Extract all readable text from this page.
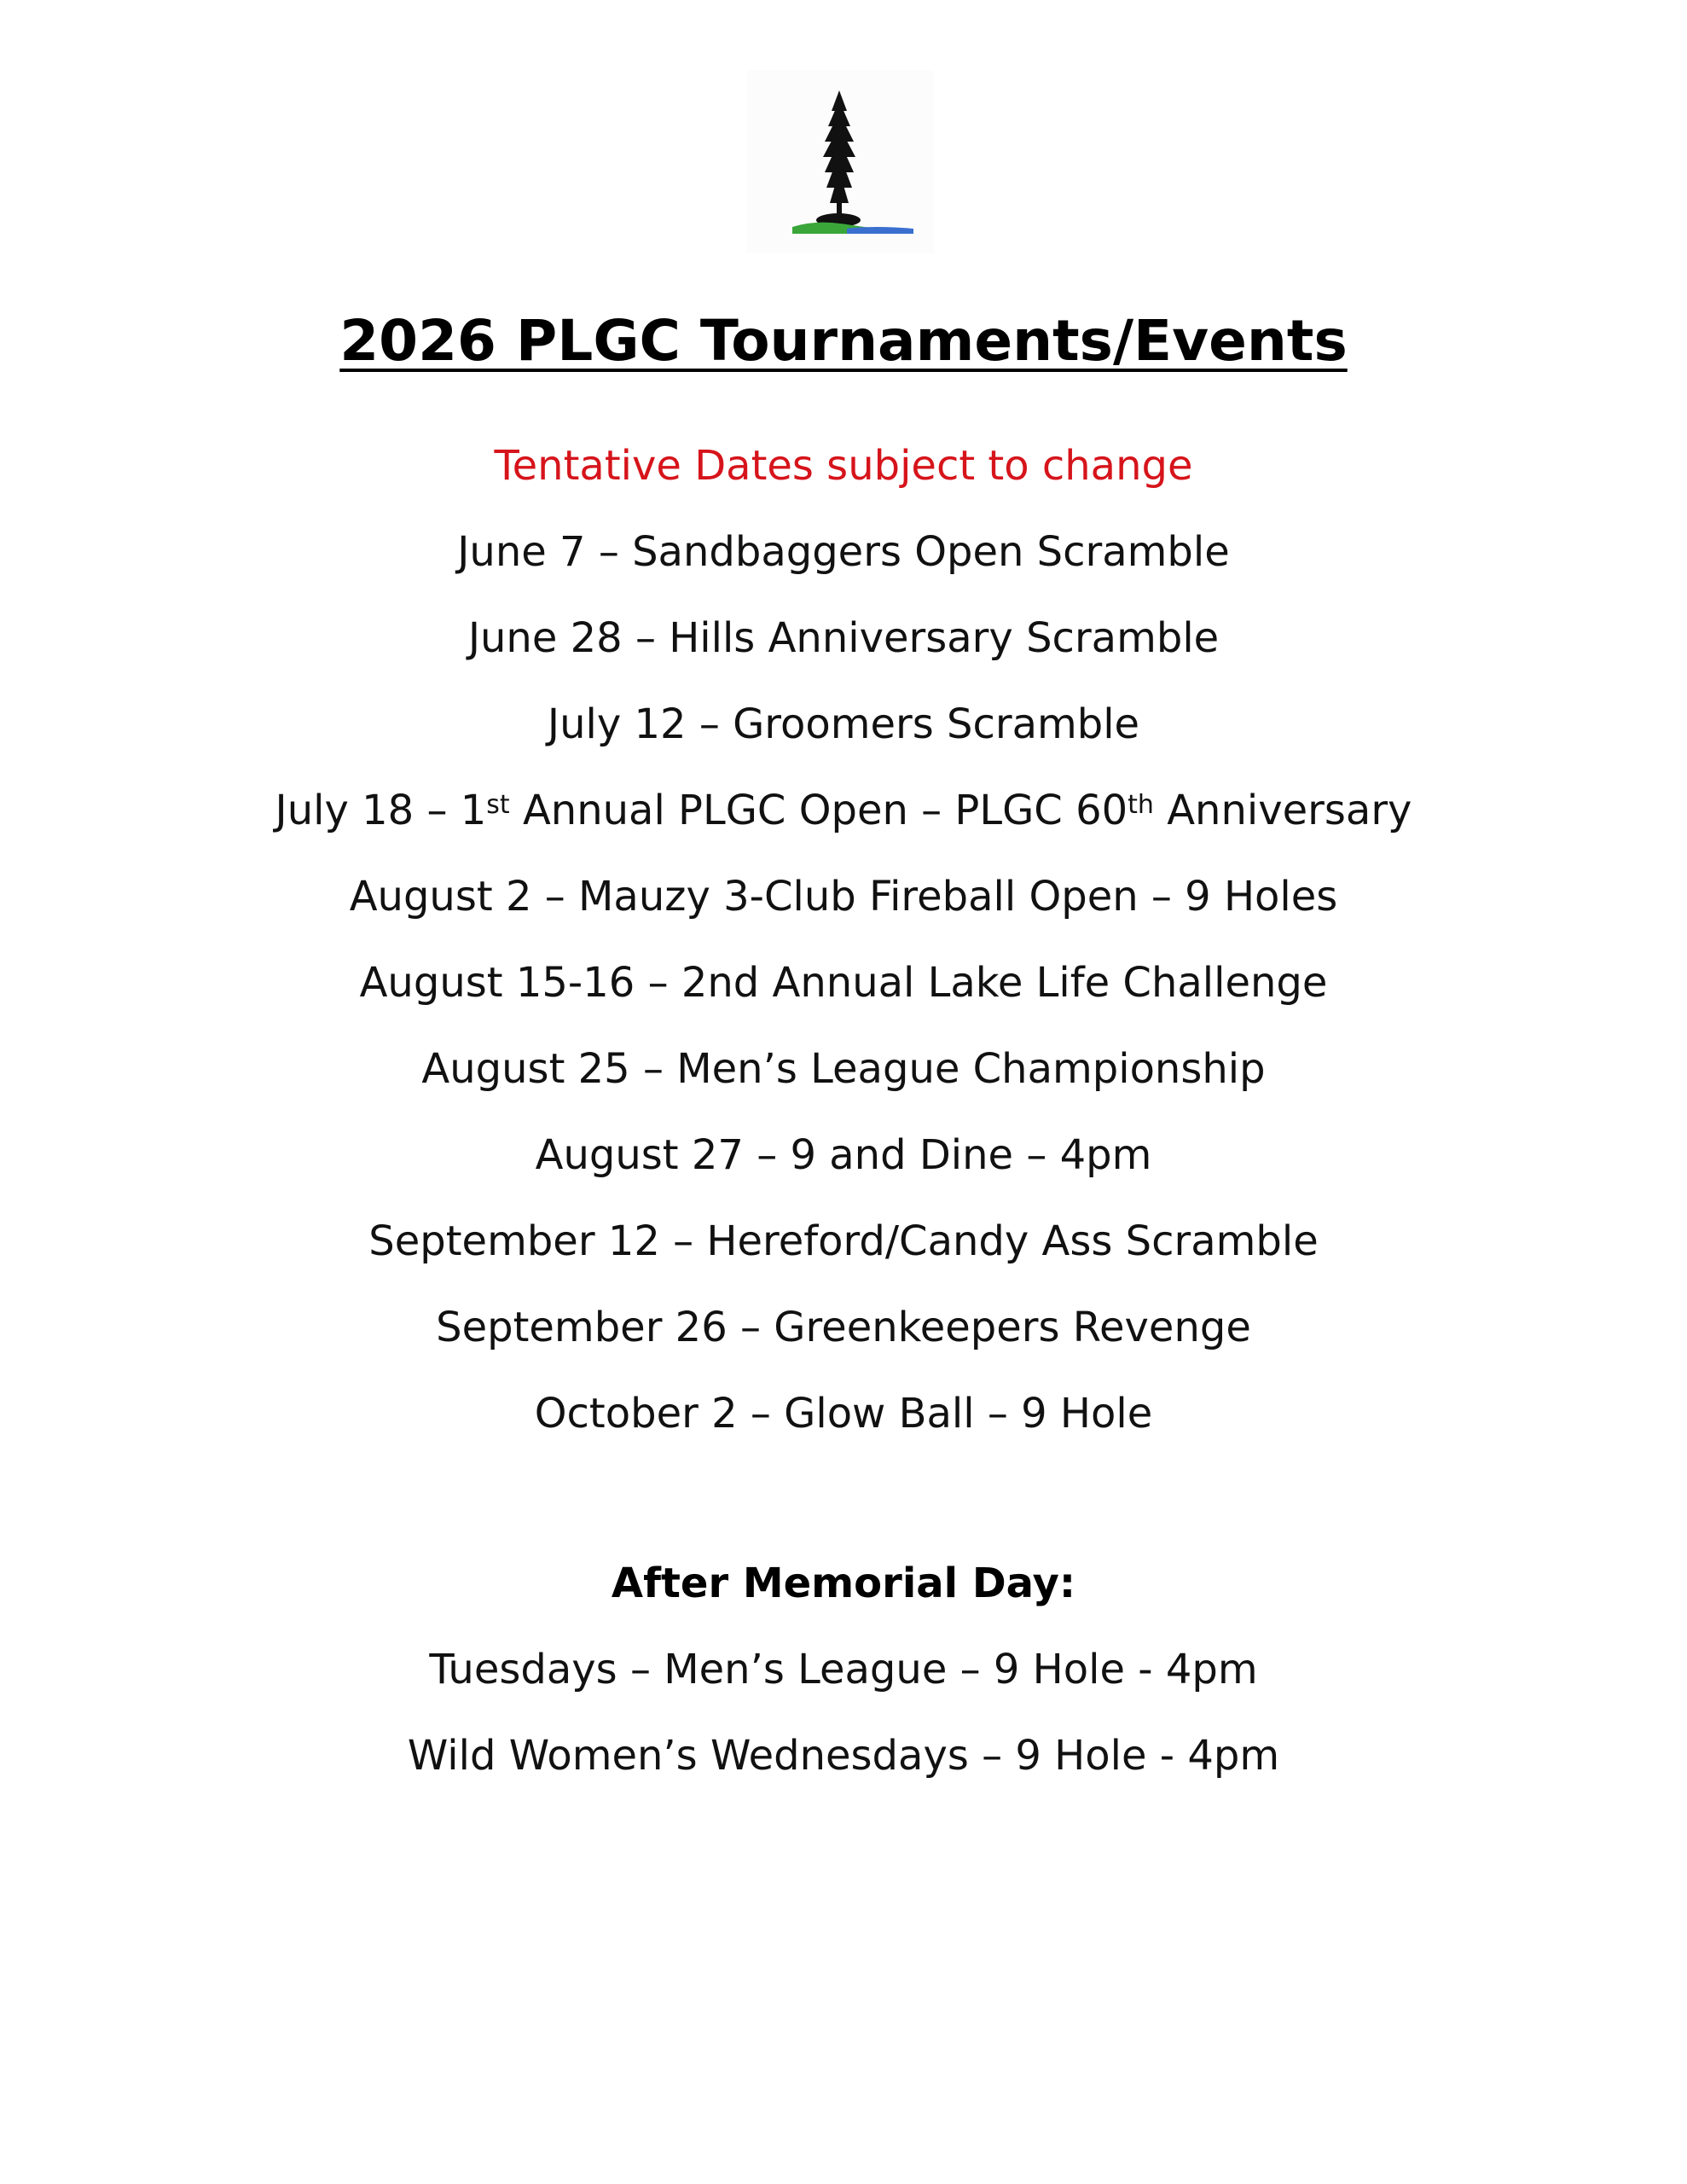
2026 PLGC Tournaments/Events
Tentative Dates subject to change
June 7 – Sandbaggers Open Scramble
June 28 – Hills Anniversary Scramble
July 12 – Groomers Scramble
July 18 – 1st Annual PLGC Open – PLGC 60th Anniversary
August 2 – Mauzy 3-Club Fireball Open – 9 Holes
August 15-16 – 2nd Annual Lake Life Challenge
August 25 – Men’s League Championship
August 27 – 9 and Dine – 4pm
September 12 – Hereford/Candy Ass Scramble
September 26 – Greenkeepers Revenge
October 2 – Glow Ball – 9 Hole
After Memorial Day:
Tuesdays – Men’s League – 9 Hole - 4pm
Wild Women’s Wednesdays – 9 Hole - 4pm
